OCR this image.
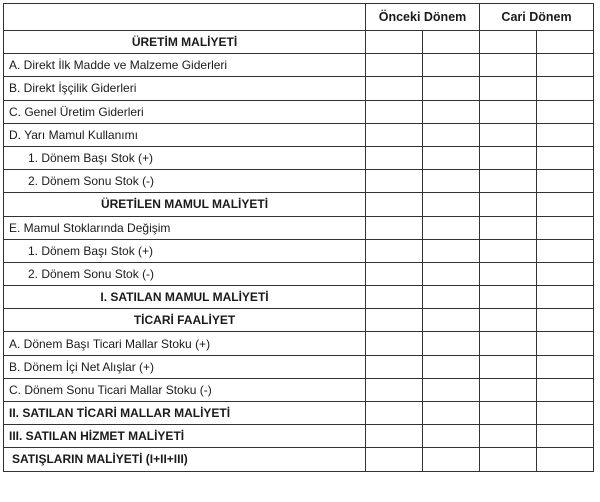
	Önceki Dönem		Cari Dönem	
ÜRETİM MALİYETİ				
A. Direkt İlk Madde ve Malzeme Giderleri				
B. Direkt İşçilik Giderleri				
C. Genel Üretim Giderleri				
D. Yarı Mamul Kullanımı				
1. Dönem Başı Stok (+)				
2. Dönem Sonu Stok (-)				
ÜRETİLEN MAMUL MALİYETİ				
E. Mamul Stoklarında Değişim				
1. Dönem Başı Stok (+)				
2. Dönem Sonu Stok (-)				
I. SATILAN MAMUL MALİYETİ				
TİCARİ FAALİYET				
A. Dönem Başı Ticari Mallar Stoku (+)				
B. Dönem İçi Net Alışlar (+)				
C. Dönem Sonu Ticari Mallar Stoku (-)				
II. SATILAN TİCARİ MALLAR MALİYETİ				
III. SATILAN HİZMET MALİYETİ				
SATIŞLARIN MALİYETİ (I+II+III)				
